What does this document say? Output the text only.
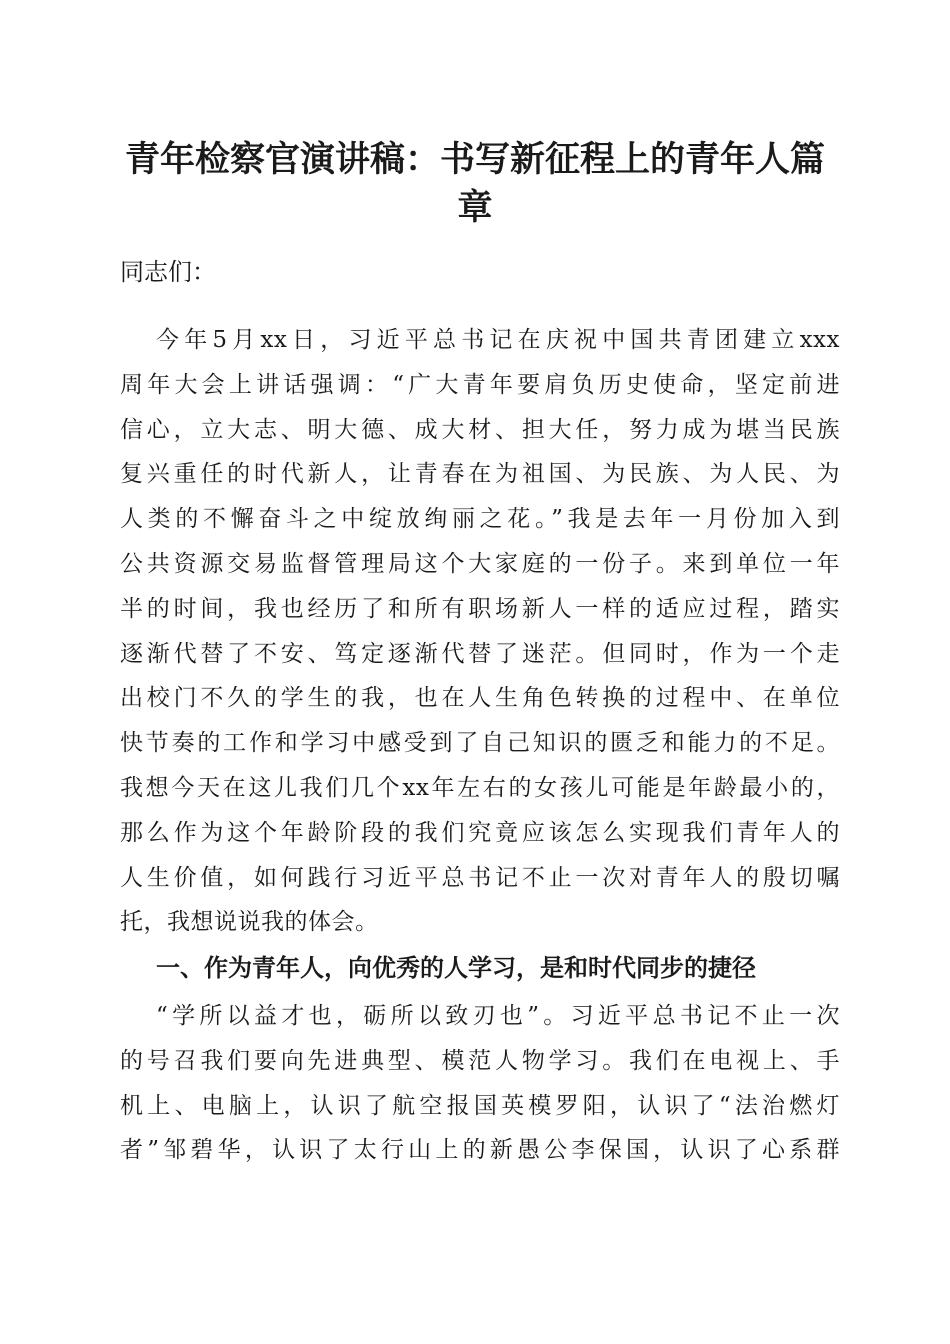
青年检察官演讲稿：书写新征程上的青年人篇
章

同志们：

今年5月xx日，习近平总书记在庆祝中国共青团建立xxx
周年大会上讲话强调：“广大青年要肩负历史使命，坚定前进
信心，立大志、明大德、成大材、担大任，努力成为堪当民族
复兴重任的时代新人，让青春在为祖国、为民族、为人民、为
人类的不懈奋斗之中绽放绚丽之花。”我是去年一月份加入到
公共资源交易监督管理局这个大家庭的一份子。来到单位一年
半的时间，我也经历了和所有职场新人一样的适应过程，踏实
逐渐代替了不安、笃定逐渐代替了迷茫。但同时，作为一个走
出校门不久的学生的我，也在人生角色转换的过程中、在单位
快节奏的工作和学习中感受到了自己知识的匮乏和能力的不足。
我想今天在这儿我们几个xx年左右的女孩儿可能是年龄最小的，
那么作为这个年龄阶段的我们究竟应该怎么实现我们青年人的
人生价值，如何践行习近平总书记不止一次对青年人的殷切嘱
托，我想说说我的体会。
一、作为青年人，向优秀的人学习，是和时代同步的捷径
“学所以益才也，砺所以致刃也”。习近平总书记不止一次
的号召我们要向先进典型、模范人物学习。我们在电视上、手
机上、电脑上，认识了航空报国英模罗阳，认识了“法治燃灯
者”邹碧华，认识了太行山上的新愚公李保国，认识了心系群
